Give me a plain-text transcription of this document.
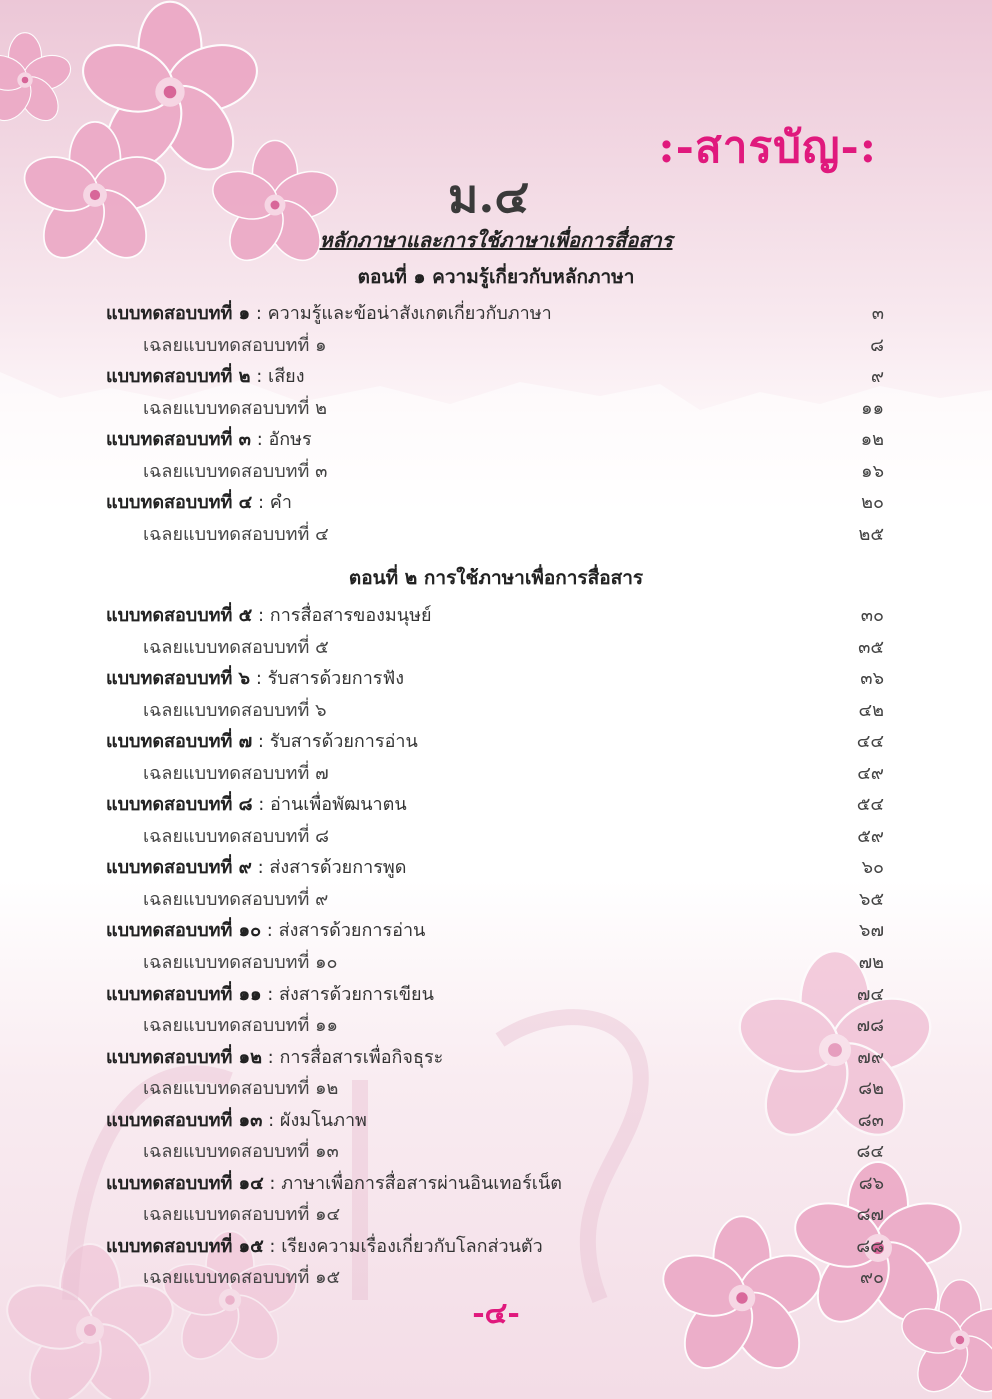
:-สารบัญ-:
ม.๔
หลักภาษาและการใช้ภาษาเพื่อการสื่อสาร
ตอนที่ ๑ ความรู้เกี่ยวกับหลักภาษา
แบบทดสอบบทที่ ๑ : ความรู้และข้อน่าสังเกตเกี่ยวกับภาษา	๓
เฉลยแบบทดสอบบทที่ ๑	๘
แบบทดสอบบทที่ ๒ : เสียง	๙
เฉลยแบบทดสอบบทที่ ๒	๑๑
แบบทดสอบบทที่ ๓ : อักษร	๑๒
เฉลยแบบทดสอบบทที่ ๓	๑๖
แบบทดสอบบทที่ ๔ : คำ	๒๐
เฉลยแบบทดสอบบทที่ ๔	๒๕
ตอนที่ ๒ การใช้ภาษาเพื่อการสื่อสาร
แบบทดสอบบทที่ ๕ : การสื่อสารของมนุษย์	๓๐
เฉลยแบบทดสอบบทที่ ๕	๓๕
แบบทดสอบบทที่ ๖ : รับสารด้วยการฟัง	๓๖
เฉลยแบบทดสอบบทที่ ๖	๔๒
แบบทดสอบบทที่ ๗ : รับสารด้วยการอ่าน	๔๔
เฉลยแบบทดสอบบทที่ ๗	๔๙
แบบทดสอบบทที่ ๘ : อ่านเพื่อพัฒนาตน	๕๔
เฉลยแบบทดสอบบทที่ ๘	๕๙
แบบทดสอบบทที่ ๙ : ส่งสารด้วยการพูด	๖๐
เฉลยแบบทดสอบบทที่ ๙	๖๕
แบบทดสอบบทที่ ๑๐ : ส่งสารด้วยการอ่าน	๖๗
เฉลยแบบทดสอบบทที่ ๑๐	๗๒
แบบทดสอบบทที่ ๑๑ : ส่งสารด้วยการเขียน	๗๔
เฉลยแบบทดสอบบทที่ ๑๑	๗๘
แบบทดสอบบทที่ ๑๒ : การสื่อสารเพื่อกิจธุระ	๗๙
เฉลยแบบทดสอบบทที่ ๑๒	๘๒
แบบทดสอบบทที่ ๑๓ : ผังมโนภาพ	๘๓
เฉลยแบบทดสอบบทที่ ๑๓	๘๔
แบบทดสอบบทที่ ๑๔ : ภาษาเพื่อการสื่อสารผ่านอินเทอร์เน็ต	๘๖
เฉลยแบบทดสอบบทที่ ๑๔	๘๗
แบบทดสอบบทที่ ๑๕ : เรียงความเรื่องเกี่ยวกับโลกส่วนตัว	๘๘
เฉลยแบบทดสอบบทที่ ๑๕	๙๐
-๔-
